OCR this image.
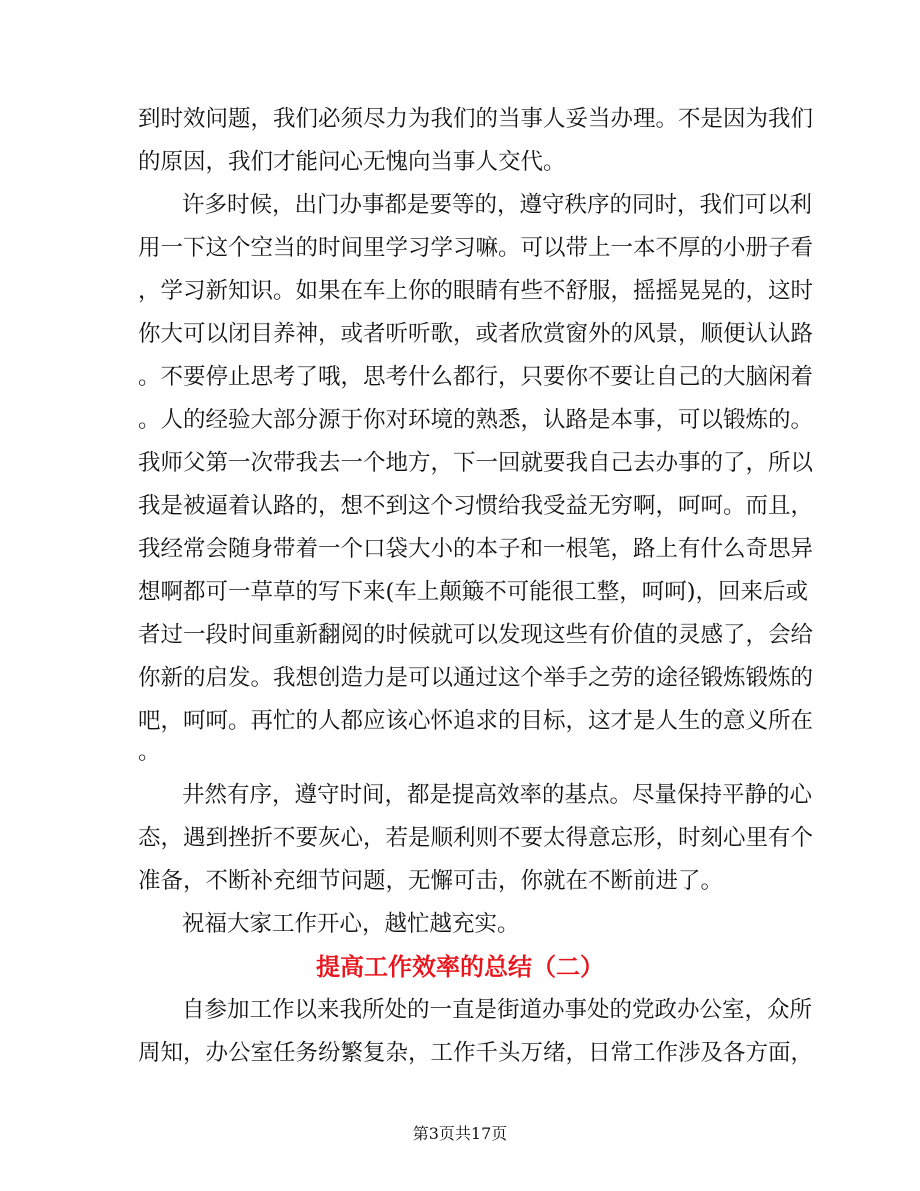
到时效问题，我们必须尽力为我们的当事人妥当办理。不是因为我们
的原因，我们才能问心无愧向当事人交代。
许多时候，出门办事都是要等的，遵守秩序的同时，我们可以利
用一下这个空当的时间里学习学习嘛。可以带上一本不厚的小册子看
，学习新知识。如果在车上你的眼睛有些不舒服，摇摇晃晃的，这时
你大可以闭目养神，或者听听歌，或者欣赏窗外的风景，顺便认认路
。不要停止思考了哦，思考什么都行，只要你不要让自己的大脑闲着
。人的经验大部分源于你对环境的熟悉，认路是本事，可以锻炼的。
我师父第一次带我去一个地方，下一回就要我自己去办事的了，所以
我是被逼着认路的，想不到这个习惯给我受益无穷啊，呵呵。而且，
我经常会随身带着一个口袋大小的本子和一根笔，路上有什么奇思异
想啊都可一草草的写下来(车上颠簸不可能很工整，呵呵)，回来后或
者过一段时间重新翻阅的时候就可以发现这些有价值的灵感了，会给
你新的启发。我想创造力是可以通过这个举手之劳的途径锻炼锻炼的
吧，呵呵。再忙的人都应该心怀追求的目标，这才是人生的意义所在
。
井然有序，遵守时间，都是提高效率的基点。尽量保持平静的心
态，遇到挫折不要灰心，若是顺利则不要太得意忘形，时刻心里有个
准备，不断补充细节问题，无懈可击，你就在不断前进了。
祝福大家工作开心，越忙越充实。
提高工作效率的总结（二）
自参加工作以来我所处的一直是街道办事处的党政办公室，众所
周知，办公室任务纷繁复杂，工作千头万绪，日常工作涉及各方面，
第3页共17页
